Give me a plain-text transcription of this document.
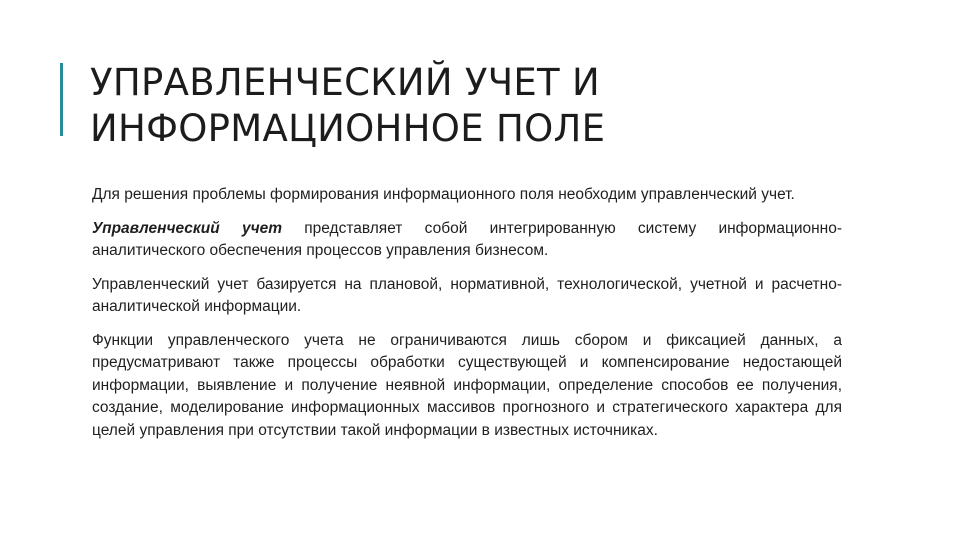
УПРАВЛЕНЧЕСКИЙ УЧЕТ И
ИНФОРМАЦИОННОЕ ПОЛЕ

Для решения проблемы формирования информационного поля необходим управленческий учет.

Управленческий учет представляет собой интегрированную систему информационно-аналитического обеспечения процессов управления бизнесом.

Управленческий учет базируется на плановой, нормативной, технологической, учетной и расчетно-аналитической информации.

Функции управленческого учета не ограничиваются лишь сбором и фиксацией данных, а предусматривают также процессы обработки существующей и компенсирование недостающей информации, выявление и получение неявной информации, определение способов ее получения, создание, моделирование информационных массивов прогнозного и стратегического характера для целей управления при отсутствии такой информации в известных источниках.
